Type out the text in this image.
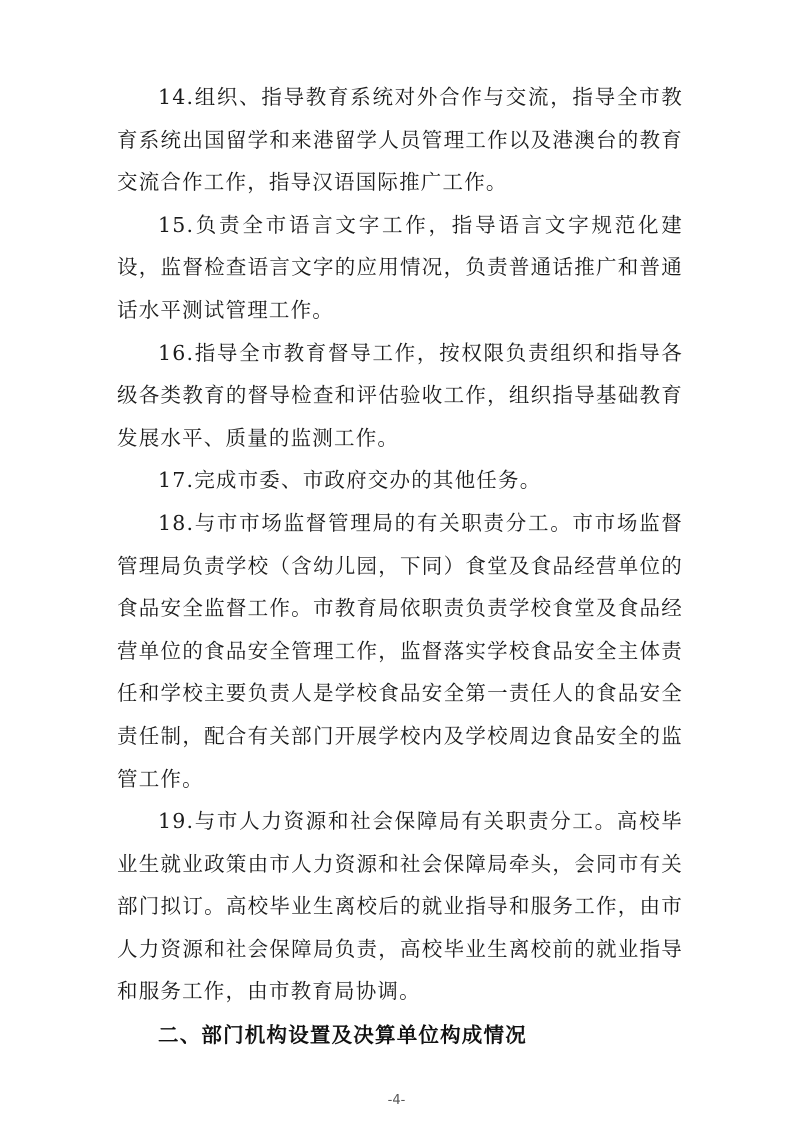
14.组织、指导教育系统对外合作与交流，指导全市教育系统出国留学和来港留学人员管理工作以及港澳台的教育交流合作工作，指导汉语国际推广工作。

15.负责全市语言文字工作，指导语言文字规范化建设，监督检查语言文字的应用情况，负责普通话推广和普通话水平测试管理工作。

16.指导全市教育督导工作，按权限负责组织和指导各级各类教育的督导检查和评估验收工作，组织指导基础教育发展水平、质量的监测工作。

17.完成市委、市政府交办的其他任务。

18.与市市场监督管理局的有关职责分工。市市场监督管理局负责学校（含幼儿园，下同）食堂及食品经营单位的食品安全监督工作。市教育局依职责负责学校食堂及食品经营单位的食品安全管理工作，监督落实学校食品安全主体责任和学校主要负责人是学校食品安全第一责任人的食品安全责任制，配合有关部门开展学校内及学校周边食品安全的监管工作。

19.与市人力资源和社会保障局有关职责分工。高校毕业生就业政策由市人力资源和社会保障局牵头，会同市有关部门拟订。高校毕业生离校后的就业指导和服务工作，由市人力资源和社会保障局负责，高校毕业生离校前的就业指导和服务工作，由市教育局协调。

二、部门机构设置及决算单位构成情况

-4-
